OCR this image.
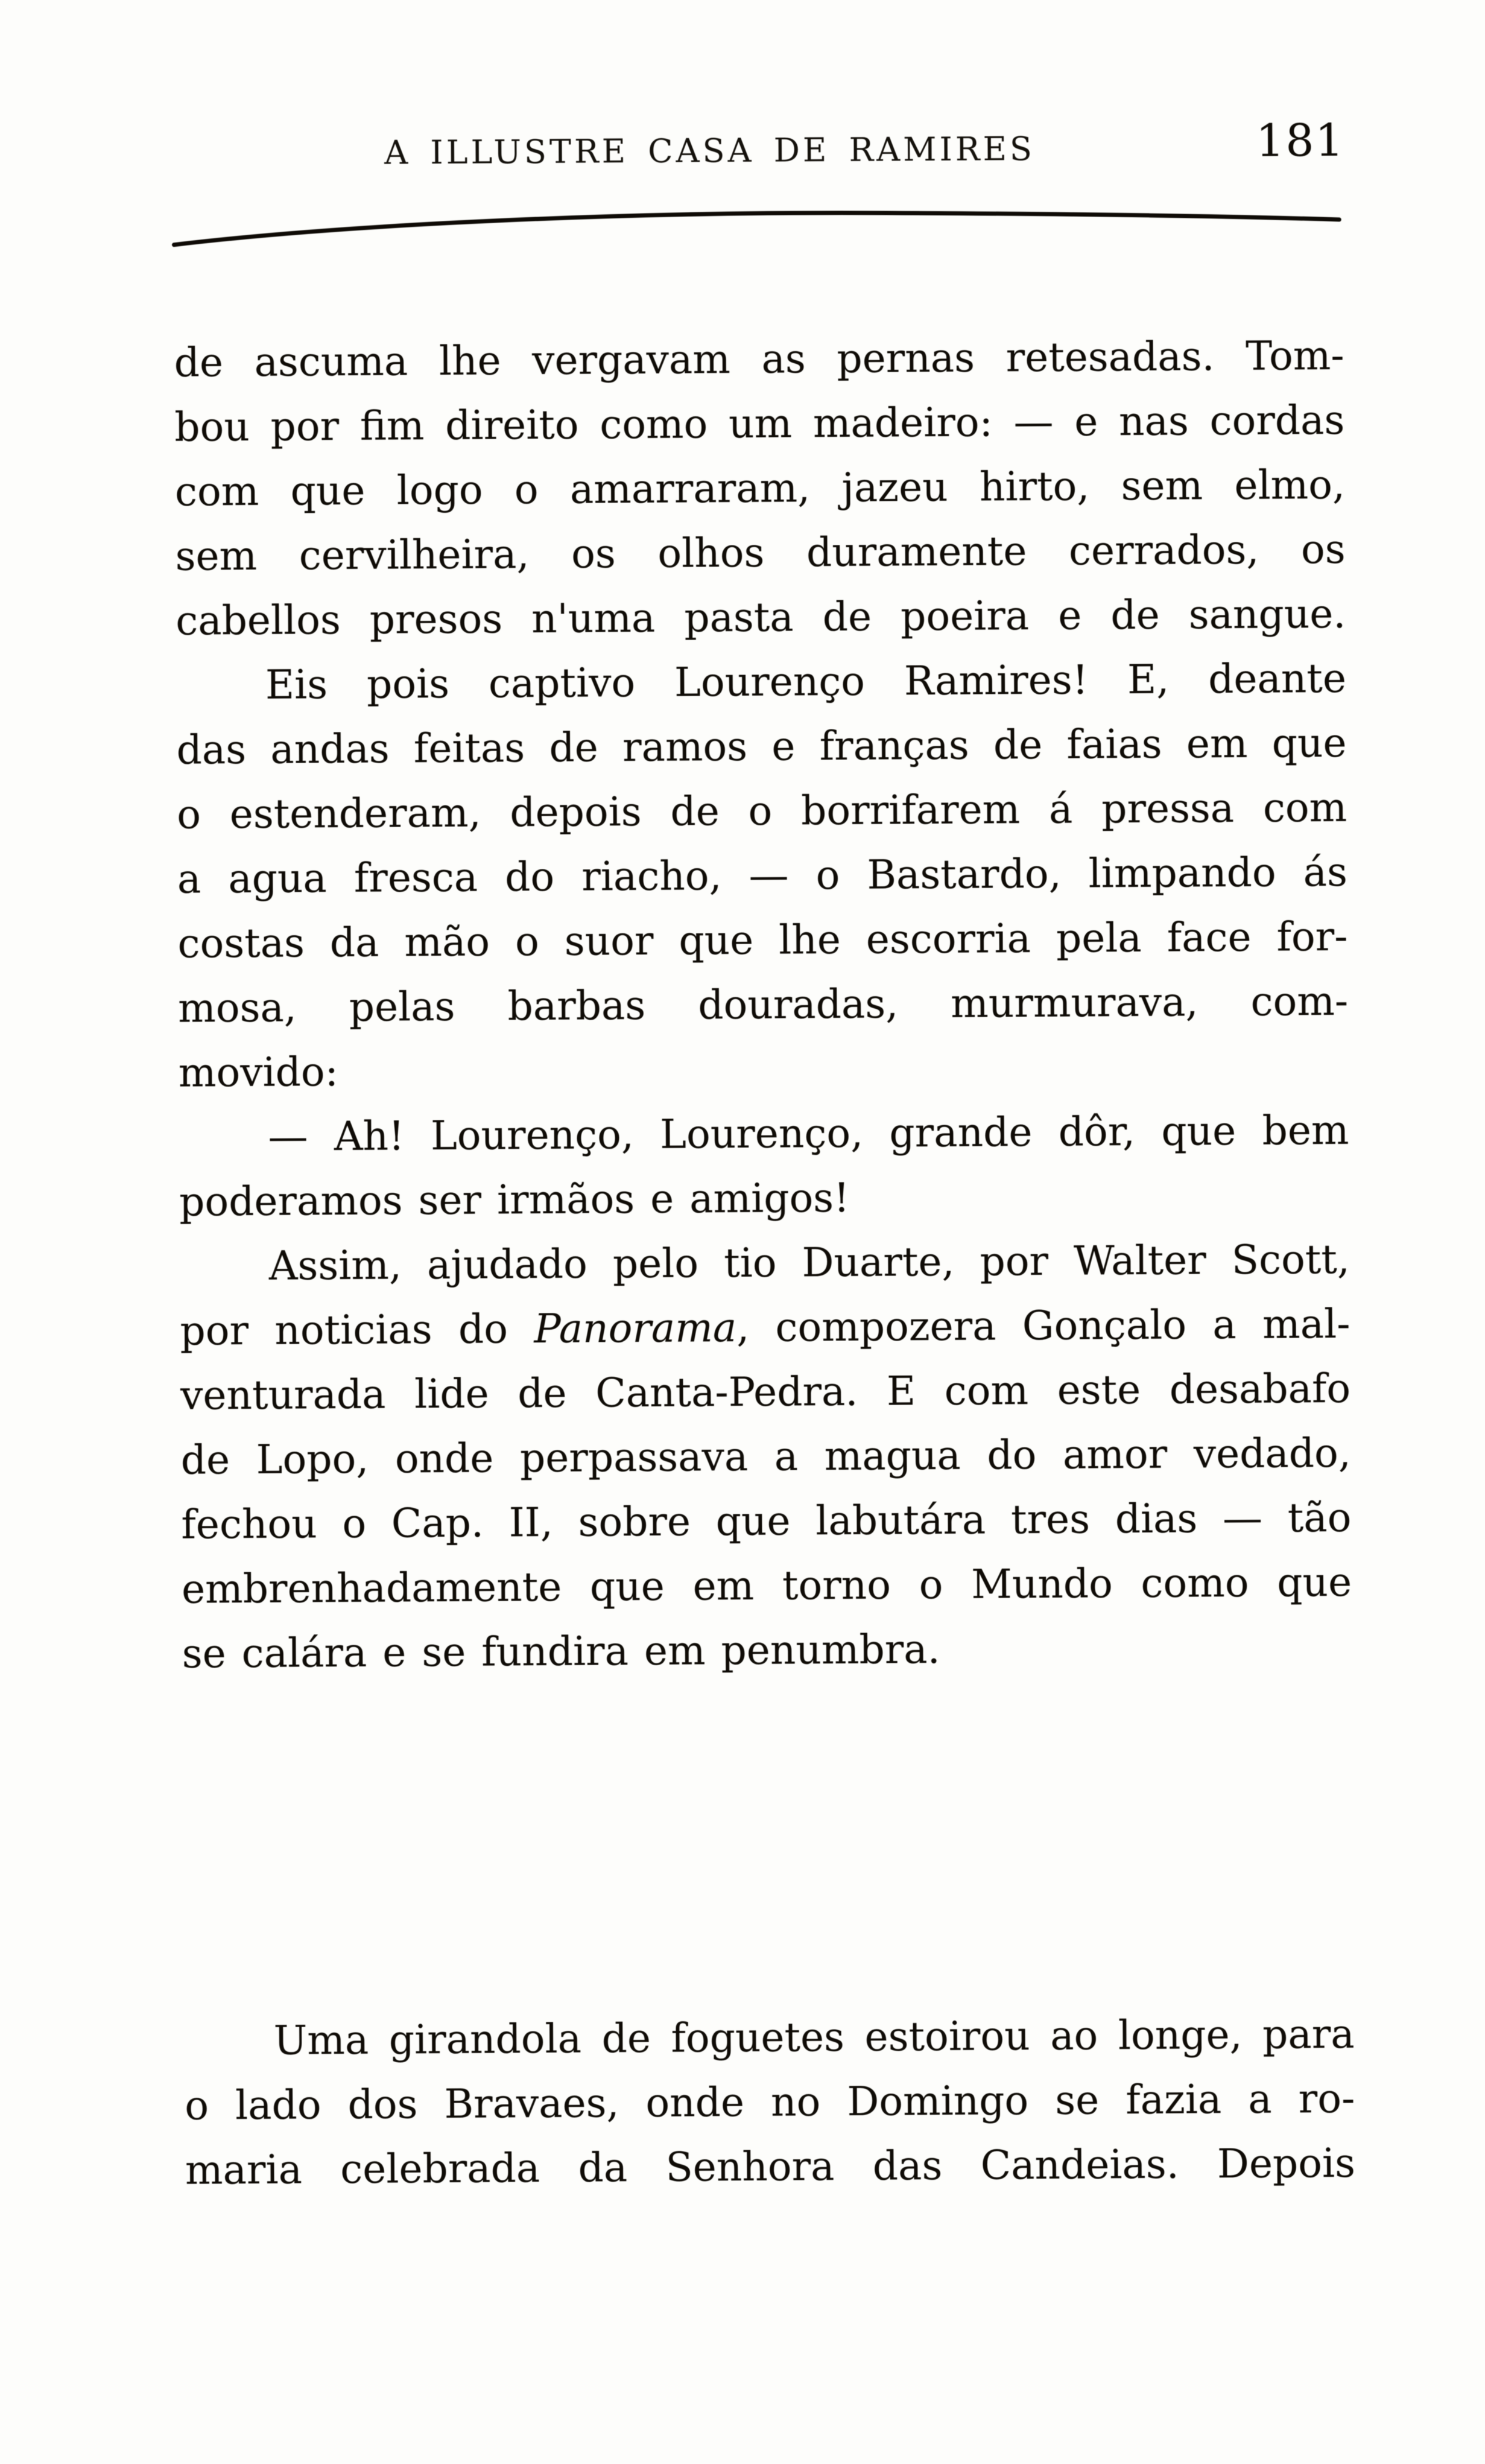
A ILLUSTRE CASA DE RAMIRES	181
de ascuma lhe vergavam as pernas retesadas. Tom-
bou por fim direito como um madeiro: — e nas cordas
com que logo o amarraram, jazeu hirto, sem elmo,
sem cervilheira, os olhos duramente cerrados, os
cabellos presos n'uma pasta de poeira e de sangue.
Eis pois captivo Lourenço Ramires! E, deante
das andas feitas de ramos e franças de faias em que
o estenderam, depois de o borrifarem á pressa com
a agua fresca do riacho, — o Bastardo, limpando ás
costas da mão o suor que lhe escorria pela face for-
mosa, pelas barbas douradas, murmurava, com-
movido:
— Ah! Lourenço, Lourenço, grande dôr, que bem
poderamos ser irmãos e amigos!
Assim, ajudado pelo tio Duarte, por Walter Scott,
por noticias do Panorama, compozera Gonçalo a mal-
venturada lide de Canta-Pedra. E com este desabafo
de Lopo, onde perpassava a magua do amor vedado,
fechou o Cap. II, sobre que labutára tres dias — tão
embrenhadamente que em torno o Mundo como que
se calára e se fundira em penumbra.
Uma girandola de foguetes estoirou ao longe, para
o lado dos Bravaes, onde no Domingo se fazia a ro-
maria celebrada da Senhora das Candeias. Depois
